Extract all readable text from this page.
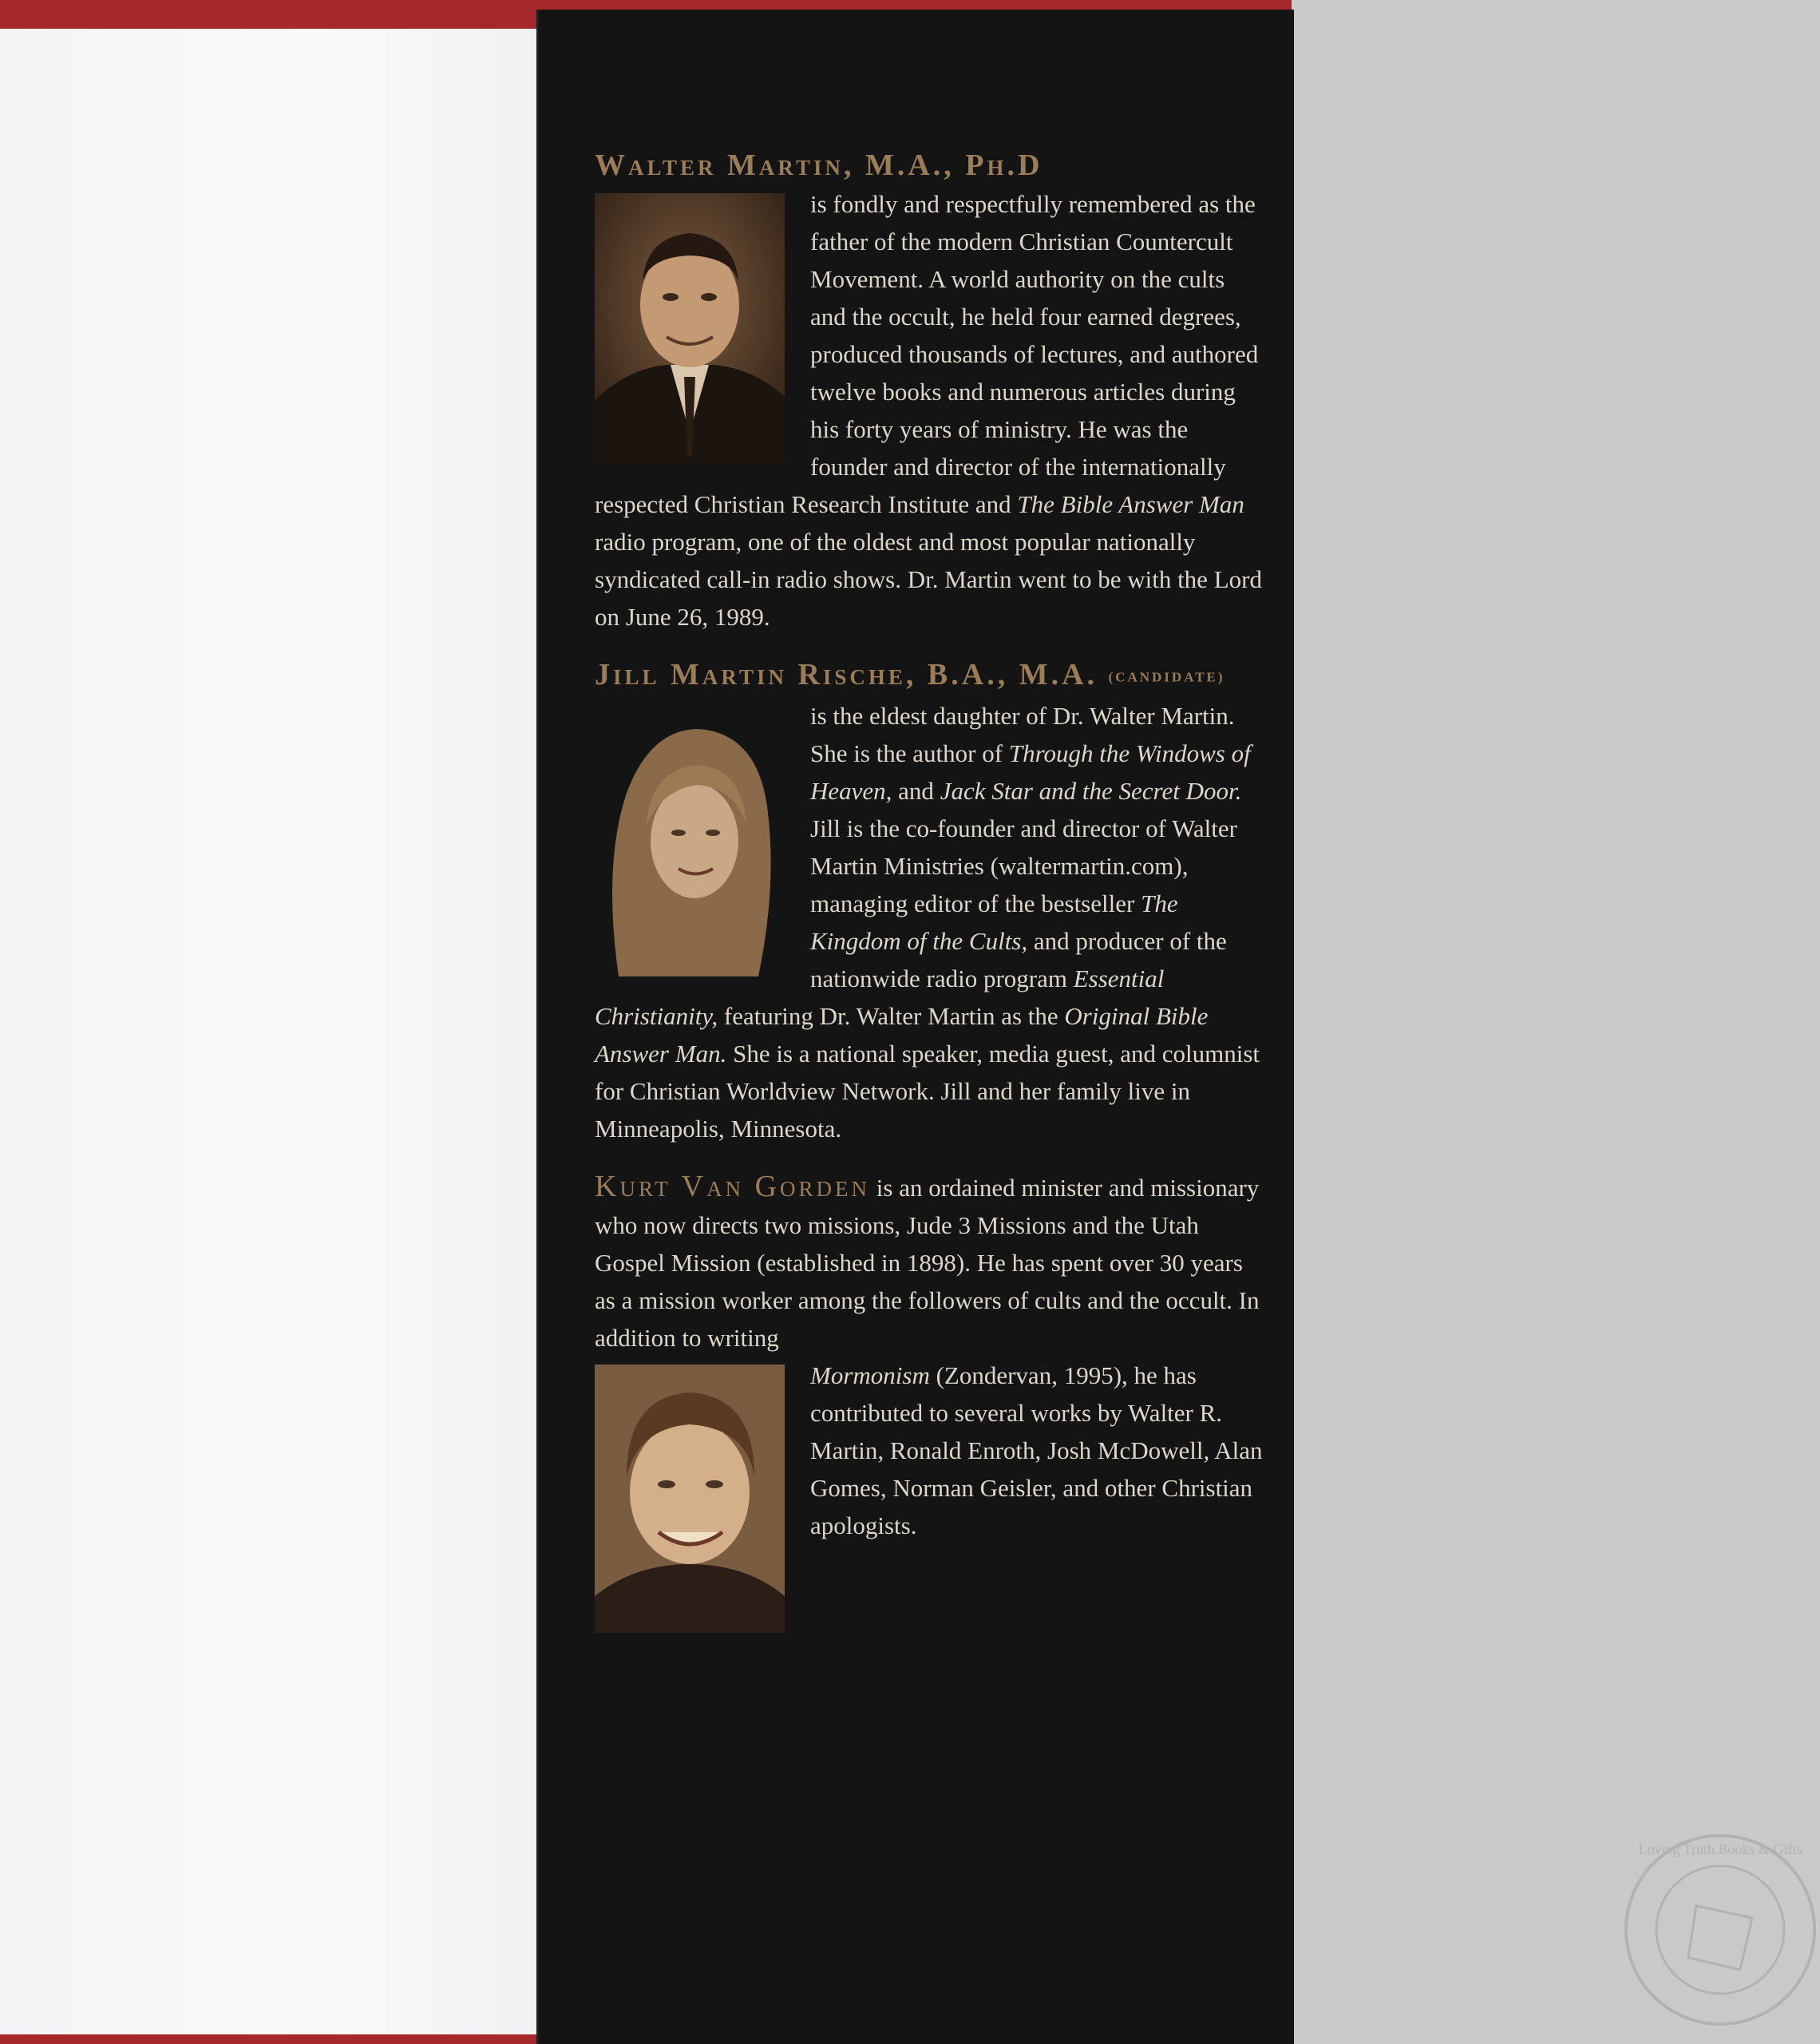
Walter Martin, M.A., Ph.D

is fondly and respectfully remembered as the father of the modern Christian Countercult Movement. A world authority on the cults and the occult, he held four earned degrees, produced thousands of lectures, and authored twelve books and numerous articles during his forty years of ministry. He was the founder and director of the internationally respected Christian Research Institute and The Bible Answer Man radio program, one of the oldest and most popular nationally syndicated call-in radio shows. Dr. Martin went to be with the Lord on June 26, 1989.

Jill Martin Rische, B.A., M.A. (CANDIDATE)

is the eldest daughter of Dr. Walter Martin. She is the author of Through the Windows of Heaven, and Jack Star and the Secret Door. Jill is the co-founder and director of Walter Martin Ministries (waltermartin.com), managing editor of the bestseller The Kingdom of the Cults, and producer of the nationwide radio program Essential Christianity, featuring Dr. Walter Martin as the Original Bible Answer Man. She is a national speaker, media guest, and columnist for Christian Worldview Network. Jill and her family live in Minneapolis, Minnesota.

Kurt Van Gorden is an ordained minister and missionary who now directs two missions, Jude 3 Missions and the Utah Gospel Mission (established in 1898). He has spent over 30 years as a mission worker among the followers of cults and the occult. In addition to writing

Mormonism (Zondervan, 1995), he has contributed to several works by Walter R. Martin, Ronald Enroth, Josh McDowell, Alan Gomes, Norman Geisler, and other Christian apologists.

Loving Truth Books & Gifts
